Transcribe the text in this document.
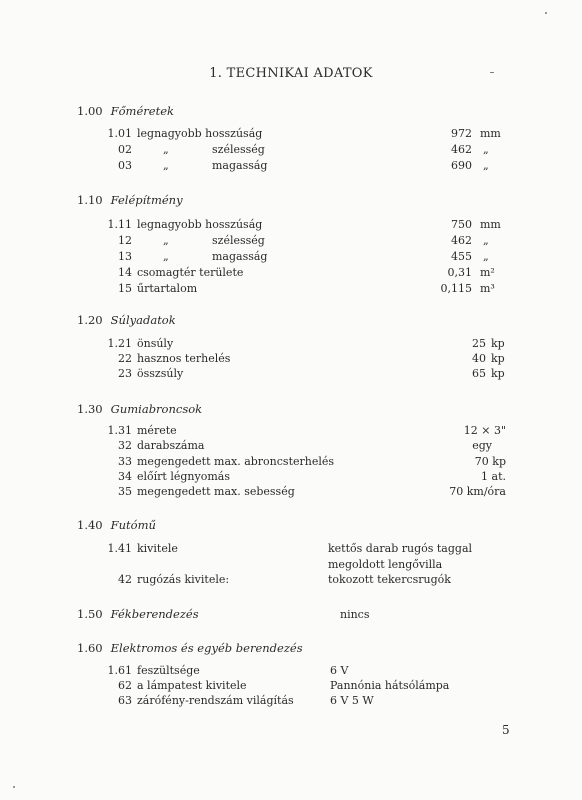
1. TECHNIKAI ADATOK
1.00 Főméretek
1.01 legnagyobb hosszúság	972 mm
02	„	szélesség	462 „
03	„	magasság	690 „
1.10 Felépítmény
1.11 legnagyobb hosszúság	750 mm
12	„	szélesség	462 „
13	„	magasság	455 „
14 csomagtér területe	0,31 m²
15 űrtartalom	0,115 m³
1.20 Súlyadatok
1.21 önsúly	25 kp
22 hasznos terhelés	40 kp
23 összsúly	65 kp
1.30 Gumiabroncsok
1.31 mérete	12 × 3"
32 darabszáma	egy
33 megengedett max. abroncsterhelés	70 kp
34 előírt légnyomás	1 at.
35 megengedett max. sebesség	70 km/óra
1.40 Futómű
1.41 kivitele	kettős darab rugós taggal
megoldott lengővilla
42 rugózás kivitele:	tokozott tekercsrugók
1.50 Fékberendezés	nincs
1.60 Elektromos és egyéb berendezés
1.61 feszültsége	6 V
62 a lámpatest kivitele	Pannónia hátsólámpa
63 zárófény-rendszám világítás	6 V 5 W
5
